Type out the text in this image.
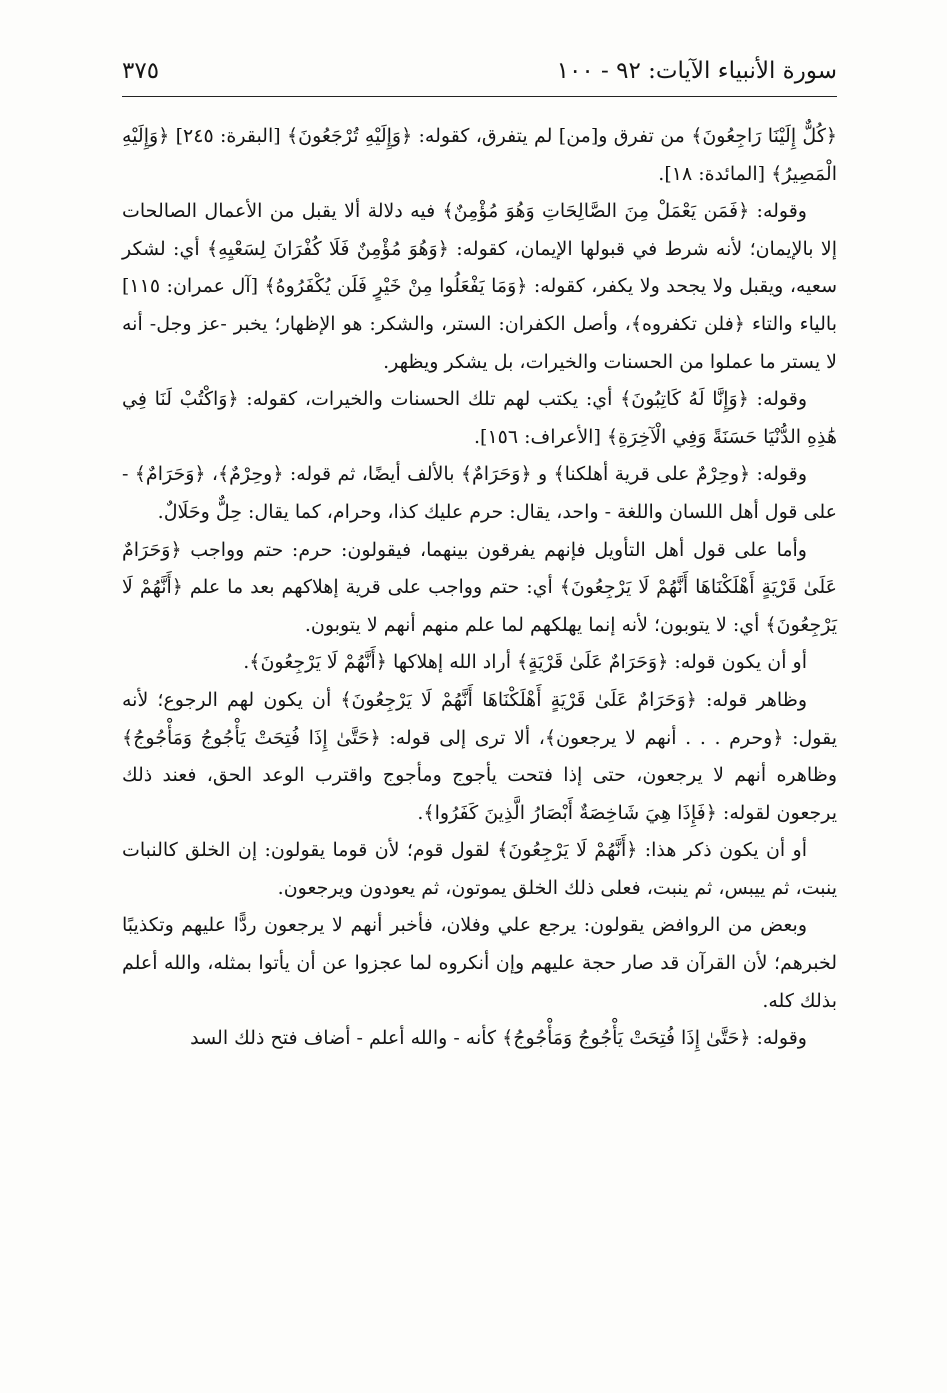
سورة الأنبياء الآيات: ٩٢ - ١٠٠
٣٧٥

﴿كُلٌّ إِلَيْنَا رَاجِعُونَ﴾ من تفرق و[من] لم يتفرق، كقوله: ﴿وَإِلَيْهِ تُرْجَعُونَ﴾ [البقرة: ٢٤٥] ﴿وَإِلَيْهِ الْمَصِيرُ﴾ [المائدة: ١٨].

وقوله: ﴿فَمَن يَعْمَلْ مِنَ الصَّالِحَاتِ وَهُوَ مُؤْمِنٌ﴾ فيه دلالة ألا يقبل من الأعمال الصالحات إلا بالإيمان؛ لأنه شرط في قبولها الإيمان، كقوله: ﴿وَهُوَ مُؤْمِنٌ فَلَا كُفْرَانَ لِسَعْيِهِ﴾ أي: لشكر سعيه، ويقبل ولا يجحد ولا يكفر، كقوله: ﴿وَمَا يَفْعَلُوا مِنْ خَيْرٍ فَلَن يُكْفَرُوهُ﴾ [آل عمران: ١١٥] بالياء والتاء ﴿فلن تكفروه﴾، وأصل الكفران: الستر، والشكر: هو الإظهار؛ يخبر -عز وجل- أنه لا يستر ما عملوا من الحسنات والخيرات، بل يشكر ويظهر.

وقوله: ﴿وَإِنَّا لَهُ كَاتِبُونَ﴾ أي: يكتب لهم تلك الحسنات والخيرات، كقوله: ﴿وَاكْتُبْ لَنَا فِي هَٰذِهِ الدُّنْيَا حَسَنَةً وَفِي الْآخِرَةِ﴾ [الأعراف: ١٥٦].

وقوله: ﴿وحِرْمٌ على قرية أهلكنا﴾ و ﴿وَحَرَامٌ﴾ بالألف أيضًا، ثم قوله: ﴿وحِرْمٌ﴾، ﴿وَحَرَامٌ﴾ - على قول أهل اللسان واللغة - واحد، يقال: حرم عليك كذا، وحرام، كما يقال: حِلٌّ وحَلَالٌ.

وأما على قول أهل التأويل فإنهم يفرقون بينهما، فيقولون: حرم: حتم وواجب ﴿وَحَرَامٌ عَلَىٰ قَرْيَةٍ أَهْلَكْنَاهَا أَنَّهُمْ لَا يَرْجِعُونَ﴾ أي: حتم وواجب على قرية إهلاكهم بعد ما علم ﴿أَنَّهُمْ لَا يَرْجِعُونَ﴾ أي: لا يتوبون؛ لأنه إنما يهلكهم لما علم منهم أنهم لا يتوبون.

أو أن يكون قوله: ﴿وَحَرَامٌ عَلَىٰ قَرْيَةٍ﴾ أراد الله إهلاكها ﴿أَنَّهُمْ لَا يَرْجِعُونَ﴾.

وظاهر قوله: ﴿وَحَرَامٌ عَلَىٰ قَرْيَةٍ أَهْلَكْنَاهَا أَنَّهُمْ لَا يَرْجِعُونَ﴾ أن يكون لهم الرجوع؛ لأنه يقول: ﴿وحرم . . . أنهم لا يرجعون﴾، ألا ترى إلى قوله: ﴿حَتَّىٰ إِذَا فُتِحَتْ يَأْجُوجُ وَمَأْجُوجُ﴾ وظاهره أنهم لا يرجعون، حتى إذا فتحت يأجوج ومأجوج واقترب الوعد الحق، فعند ذلك يرجعون لقوله: ﴿فَإِذَا هِيَ شَاخِصَةٌ أَبْصَارُ الَّذِينَ كَفَرُوا﴾.

أو أن يكون ذكر هذا: ﴿أَنَّهُمْ لَا يَرْجِعُونَ﴾ لقول قوم؛ لأن قوما يقولون: إن الخلق كالنبات ينبت، ثم ييبس، ثم ينبت، فعلى ذلك الخلق يموتون، ثم يعودون ويرجعون.

وبعض من الروافض يقولون: يرجع علي وفلان، فأخبر أنهم لا يرجعون ردًّا عليهم وتكذيبًا لخبرهم؛ لأن القرآن قد صار حجة عليهم وإن أنكروه لما عجزوا عن أن يأتوا بمثله، والله أعلم بذلك كله.

وقوله: ﴿حَتَّىٰ إِذَا فُتِحَتْ يَأْجُوجُ وَمَأْجُوجُ﴾ كأنه - والله أعلم - أضاف فتح ذلك السد
